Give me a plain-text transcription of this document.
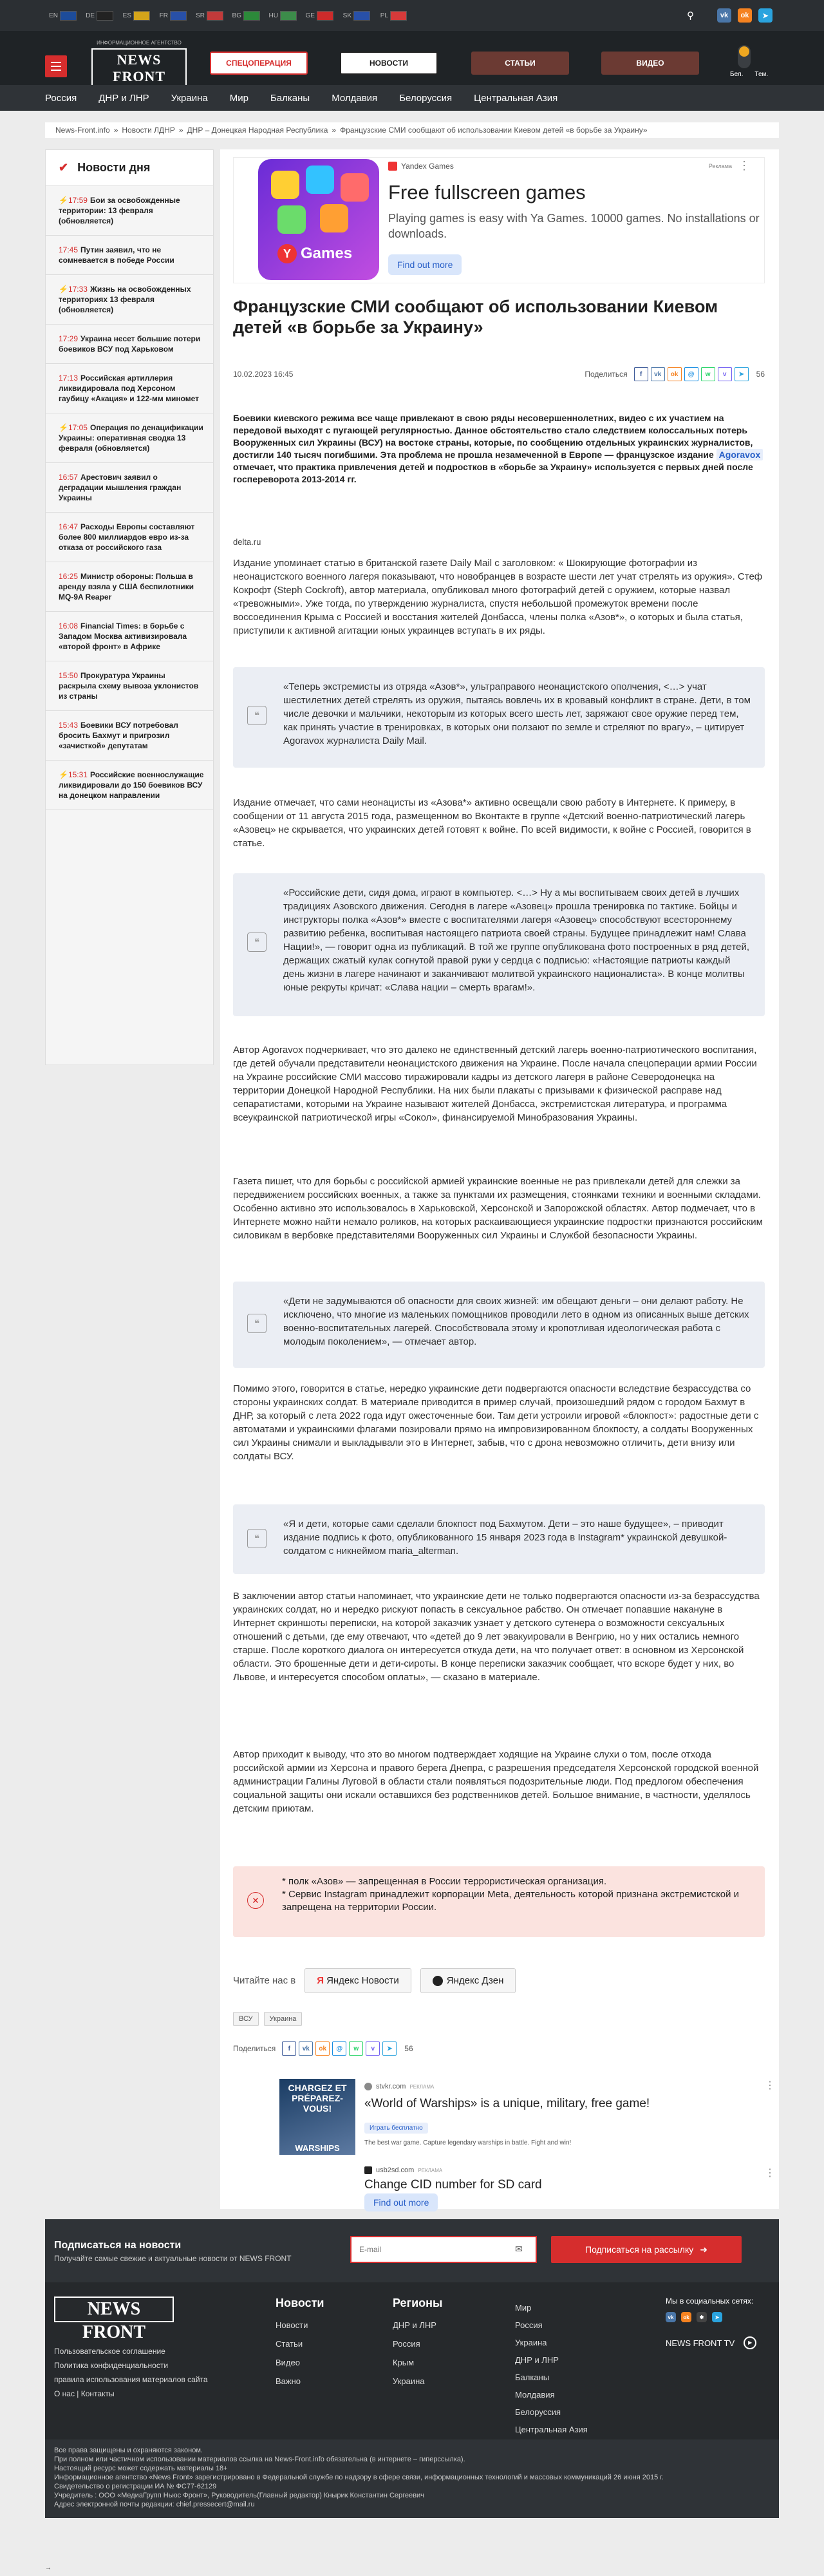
EN	DE	ES	FR	SR	BG	HU	GE	SK	PL	⚲	vk	ok	➤
ИНФОРМАЦИОННОЕ АГЕНТСТВО
NEWS FRONT
СПЕЦОПЕРАЦИЯ	НОВОСТИ	СТАТЬИ	ВИДЕО
Бел. Тем.
Россия ДНР и ЛНР Украина Мир Балканы Молдавия Белоруссия Центральная Азия
News-Front.info » Новости ЛДНР » ДНР – Донецкая Народная Республика » Французские СМИ сообщают об использовании Киевом детей «в борьбе за Украину»
✔ Новости дня
⚡17:59 Бои за освобожденные территории: 13 февраля (обновляется)
17:45 Путин заявил, что не сомневается в победе России
⚡17:33 Жизнь на освобожденных территориях 13 февраля (обновляется)
17:29 Украина несет большие потери боевиков ВСУ под Харьковом
17:13 Российская артиллерия ликвидировала под Херсоном гаубицу «Акация» и 122-мм миномет
⚡17:05 Операция по денацификации Украины: оперативная сводка 13 февраля (обновляется)
16:57 Арестович заявил о деградации мышления граждан Украины
16:47 Расходы Европы составляют более 800 миллиардов евро из-за отказа от российского газа
16:25 Министр обороны: Польша в аренду взяла у США беспилотники MQ-9A Reaper
16:08 Financial Times: в борьбе с Западом Москва активизировала «второй фронт» в Африке
15:50 Прокуратура Украины раскрыла схему вывоза уклонистов из страны
15:43 Боевики ВСУ потребовал бросить Бахмут и пригрозил «зачисткой» депутатам
⚡15:31 Российские военнослужащие ликвидировали до 150 боевиков ВСУ на донецком направлении
Y Games
Yandex Games	Реклама ⋮
Free fullscreen games

Playing games is easy with Ya Games. 10000 games. No installations or downloads.

Find out more
Французские СМИ сообщают об использовании Киевом детей «в борьбе за Украину»
10.02.2023 16:45	Поделиться	f	vk	ok	@	w	v	➤	56
Боевики киевского режима все чаще привлекают в свою ряды несовершеннолетних, видео с их участием на передовой выходят с пугающей регулярностью. Данное обстоятельство стало следствием колоссальных потерь Вооруженных сил Украины (ВСУ) на востоке страны, которые, по сообщению отдельных украинских журналистов, достигли 140 тысяч погибшими. Эта проблема не прошла незамеченной в Европе — французское издание Agoravox отмечает, что практика привлечения детей и подростков в «борьбе за Украину» используется с первых дней после госпереворота 2013-2014 гг.
delta.ru

Издание упоминает статью в британской газете Daily Mail с заголовком: « Шокирующие фотографии из неонацистского военного лагеря показывают, что новобранцев в возрасте шести лет учат стрелять из оружия». Стеф Кокрофт (Steph Cockroft), автор материала, опубликовал много фотографий детей с оружием, которые назвал «тревожными». Уже тогда, по утверждению журналиста, спустя небольшой промежуток времени после воссоединения Крыма с Россией и восстания жителей Донбасса, члены полка «Азов*», о которых и была статья, приступили к активной агитации юных украинцев вступать в их ряды.

❝
«Теперь экстремисты из отряда «Азов*», ультраправого неонацистского ополчения, <…> учат шестилетних детей стрелять из оружия, пытаясь вовлечь их в кровавый конфликт в стране. Дети, в том числе девочки и мальчики, некоторым из которых всего шесть лет, заряжают свое оружие перед тем, как принять участие в тренировках, в которых они ползают по земле и стреляют по врагу», – цитирует Agoravox журналиста Daily Mail.

Издание отмечает, что сами неонацисты из «Азова*» активно освещали свою работу в Интернете. К примеру, в сообщении от 11 августа 2015 года, размещенном во Вконтакте в группе «Детский военно-патриотический лагерь «Азовец» не скрывается, что украинских детей готовят к войне. По всей видимости, к войне с Россией, говорится в статье.

❝
«Российские дети, сидя дома, играют в компьютер. <…> Ну а мы воспитываем своих детей в лучших традициях Азовского движения. Сегодня в лагере «Азовец» прошла тренировка по тактике. Бойцы и инструкторы полка «Азов*» вместе с воспитателями лагеря «Азовец» способствуют всестороннему развитию ребенка, воспитывая настоящего патриота своей страны. Будущее принадлежит нам! Слава Нации!», — говорит одна из публикаций. В той же группе опубликована фото построенных в ряд детей, держащих сжатый кулак согнутой правой руки у сердца с подписью: «Настоящие патриоты каждый день жизни в лагере начинают и заканчивают молитвой украинского националиста». В конце молитвы юные рекруты кричат: «Слава нации – смерть врагам!».

Автор Agoravox подчеркивает, что это далеко не единственный детский лагерь военно-патриотического воспитания, где детей обучали представители неонацистского движения на Украине. После начала спецоперации армии России на Украине российские СМИ массово тиражировали кадры из детского лагеря в районе Северодонецка на территории Донецкой Народной Республики. На них были плакаты с призывами к физической расправе над сепаратистами, которыми на Украине называют жителей Донбасса, экстремистская литература, и программа всеукраинской патриотической игры «Сокол», финансируемой Минобразования Украины.

Газета пишет, что для борьбы с российской армией украинские военные не раз привлекали детей для слежки за передвижением российских военных, а также за пунктами их размещения, стоянками техники и военными складами. Особенно активно это использовалось в Харьковской, Херсонской и Запорожской областях. Автор подмечает, что в Интернете можно найти немало роликов, на которых раскаивающиеся украинские подростки признаются российским силовикам в вербовке представителями Вооруженных сил Украины и Службой безопасности Украины.

❝
«Дети не задумываются об опасности для своих жизней: им обещают деньги – они делают работу. Не исключено, что многие из маленьких помощников проводили лето в одном из описанных выше детских военно-воспитательных лагерей. Способствовала этому и кропотливая идеологическая работа с молодым поколением», — отмечает автор.

Помимо этого, говорится в статье, нередко украинские дети подвергаются опасности вследствие безрассудства со стороны украинских солдат. В материале приводится в пример случай, произошедший рядом с городом Бахмут в ДНР, за который с лета 2022 года идут ожесточенные бои. Там дети устроили игровой «блокпост»: радостные дети с автоматами и украинскими флагами позировали прямо на импровизированном блокпосту, а солдаты Вооруженных сил Украины снимали и выкладывали это в Интернет, забыв, что с дрона невозможно отличить, дети внизу или солдаты ВСУ.

❝
«Я и дети, которые сами сделали блокпост под Бахмутом. Дети – это наше будущее», – приводит издание подпись к фото, опубликованного 15 января 2023 года в Instagram* украинской девушкой-солдатом с никнеймом maria_alterman.

В заключении автор статьи напоминает, что украинские дети не только подвергаются опасности из-за безрассудства украинских солдат, но и нередко рискуют попасть в сексуальное рабство. Он отмечает попавшие накануне в Интернет скриншоты переписки, на которой заказчик узнает у детского сутенера о возможности сексуальных отношений с детьми, где ему отвечают, что «детей до 9 лет эвакуировали в Венгрию, но у них остались немного старше. После короткого диалога он интересуется откуда дети, на что получает ответ: в основном из Херсонской области. Это брошенные дети и дети-сироты. В конце переписки заказчик сообщает, что вскоре будет у них, во Львове, и интересуется способом оплаты», — сказано в материале.

Автор приходит к выводу, что это во многом подтверждает ходящие на Украине слухи о том, после отхода российской армии из Херсона и правого берега Днепра, с разрешения председателя Херсонской городской военной администрации Галины Луговой в области стали появляться подозрительные люди. Под предлогом обеспечения социальной защиты они искали оставшихся без родственников детей. Большое внимание, в частности, уделялось детским приютам.

✕
* полк «Азов» — запрещенная в России террористическая организация.
* Сервис Instagram принадлежит корпорации Meta, деятельность которой признана экстремистской и запрещена на территории России.
Читайте нас в Я Яндекс Новости	Яндекс Дзен
ВСУ	Украина
Поделиться	f	vk	ok	@	w	v	➤	56
CHARGEZ ET PRÉPAREZ-VOUS!
WARSHIPS
stvkr.com РЕКЛАМА	⋮
«World of Warships» is a unique, military, free game!
Играть бесплатно
The best war game. Capture legendary warships in battle. Fight and win!
usb2sd.com РЕКЛАМА	⋮
Change CID number for SD card
Find out more
Подписаться на новости
Получайте самые свежие и актуальные новости от NEWS FRONT
E-mail
✉	Подписаться на рассылку ➜
NEWS FRONT
Пользовательское соглашение
Политика конфиденциальности
правила использования материалов сайта
О нас | Контакты
Новости
Новости
Статьи
Видео
Важно
Регионы
ДНР и ЛНР
Россия
Крым
Украина
Мир
Россия
Украина
ДНР и ЛНР
Балканы
Молдавия
Белоруссия
Центральная Азия
Мы в социальных сетях:
vk	ok	✽	➤
NEWS FRONT TV	▶
Все права защищены и охраняются законом.
При полном или частичном использовании материалов ссылка на News-Front.info обязательна (в интернете – гиперссылка).
Настоящий ресурс может содержать материалы 18+
Информационное агентство «News Front» зарегистрировано в Федеральной службе по надзору в сфере связи, информационных технологий и массовых коммуникаций 26 июня 2015 г.
Свидетельство о регистрации ИА № ФС77-62129
Учредитель : ООО «МедиаГрупп Ньюс Фронт», Руководитель(Главный редактор) Кнырик Константин Сергеевич
Адрес электронной почты редакции: chief.pressecert@mail.ru
→
